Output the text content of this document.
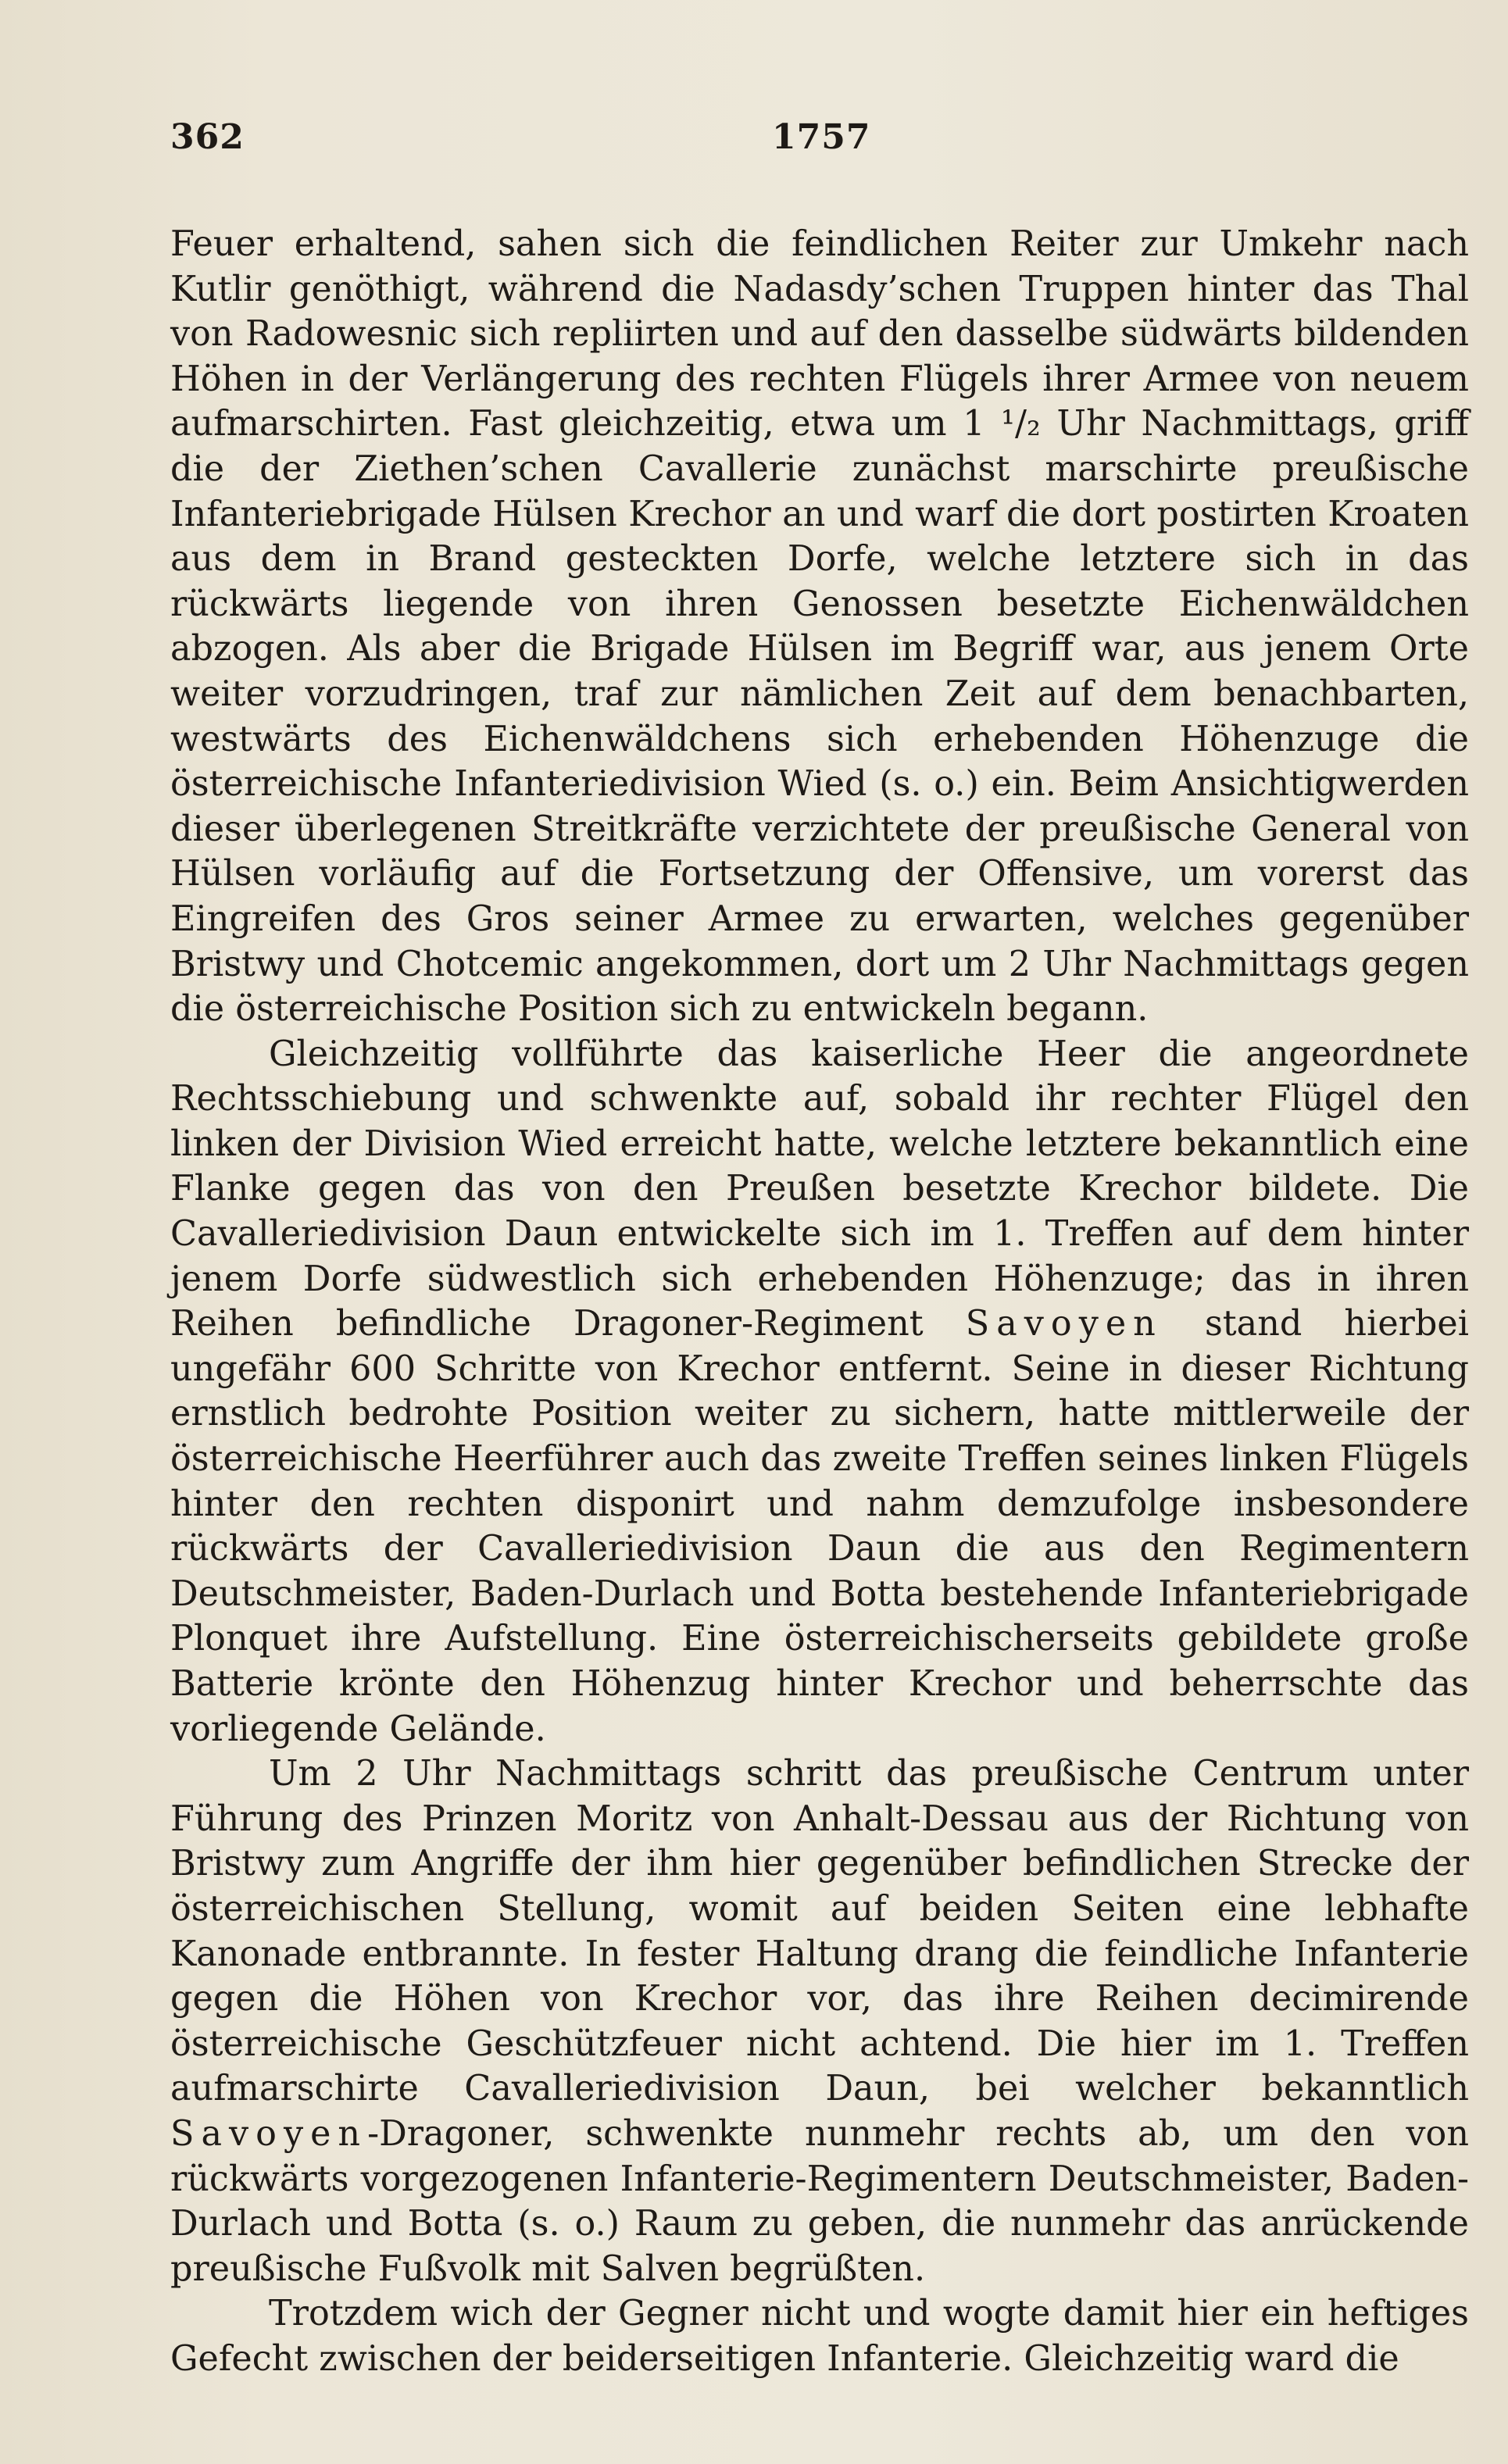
362	1757

Feuer erhaltend, sahen sich die feindlichen Reiter zur Umkehr nach Kutlir genöthigt, während die Nadasdy’schen Truppen hinter das Thal von Radowesnic sich repliirten und auf den dasselbe südwärts bildenden Höhen in der Verlängerung des rechten Flügels ihrer Armee von neuem aufmarschirten. Fast gleichzeitig, etwa um 1 ¹/₂ Uhr Nachmittags, griff die der Ziethen’schen Cavallerie zunächst marschirte preußische Infanteriebrigade Hülsen Krechor an und warf die dort postirten Kroaten aus dem in Brand gesteckten Dorfe, welche letztere sich in das rückwärts liegende von ihren Genossen besetzte Eichenwäldchen abzogen. Als aber die Brigade Hülsen im Begriff war, aus jenem Orte weiter vorzudringen, traf zur nämlichen Zeit auf dem benachbarten, westwärts des Eichenwäldchens sich erhebenden Höhenzuge die österreichische Infanteriedivision Wied (s. o.) ein. Beim Ansichtigwerden dieser überlegenen Streitkräfte verzichtete der preußische General von Hülsen vorläufig auf die Fortsetzung der Offensive, um vorerst das Eingreifen des Gros seiner Armee zu erwarten, welches gegenüber Bristwy und Chotcemic angekommen, dort um 2 Uhr Nachmittags gegen die österreichische Position sich zu entwickeln begann.

Gleichzeitig vollführte das kaiserliche Heer die angeordnete Rechtsschiebung und schwenkte auf, sobald ihr rechter Flügel den linken der Division Wied erreicht hatte, welche letztere bekanntlich eine Flanke gegen das von den Preußen besetzte Krechor bildete. Die Cavalleriedivision Daun entwickelte sich im 1. Treffen auf dem hinter jenem Dorfe südwestlich sich erhebenden Höhenzuge; das in ihren Reihen befindliche Dragoner-Regiment Savoyen stand hierbei ungefähr 600 Schritte von Krechor entfernt. Seine in dieser Richtung ernstlich bedrohte Position weiter zu sichern, hatte mittlerweile der österreichische Heerführer auch das zweite Treffen seines linken Flügels hinter den rechten disponirt und nahm demzufolge insbesondere rückwärts der Cavalleriedivision Daun die aus den Regimentern Deutschmeister, Baden-Durlach und Botta bestehende Infanteriebrigade Plonquet ihre Aufstellung. Eine österreichischerseits gebildete große Batterie krönte den Höhenzug hinter Krechor und beherrschte das vorliegende Gelände.

Um 2 Uhr Nachmittags schritt das preußische Centrum unter Führung des Prinzen Moritz von Anhalt-Dessau aus der Richtung von Bristwy zum Angriffe der ihm hier gegenüber befindlichen Strecke der österreichischen Stellung, womit auf beiden Seiten eine lebhafte Kanonade entbrannte. In fester Haltung drang die feindliche Infanterie gegen die Höhen von Krechor vor, das ihre Reihen decimirende österreichische Geschützfeuer nicht achtend. Die hier im 1. Treffen aufmarschirte Cavalleriedivision Daun, bei welcher bekanntlich Savoyen-Dragoner, schwenkte nunmehr rechts ab, um den von rückwärts vorgezogenen Infanterie-Regimentern Deutschmeister, Baden-Durlach und Botta (s. o.) Raum zu geben, die nunmehr das anrückende preußische Fußvolk mit Salven begrüßten.

Trotzdem wich der Gegner nicht und wogte damit hier ein heftiges Gefecht zwischen der beiderseitigen Infanterie. Gleichzeitig ward die
